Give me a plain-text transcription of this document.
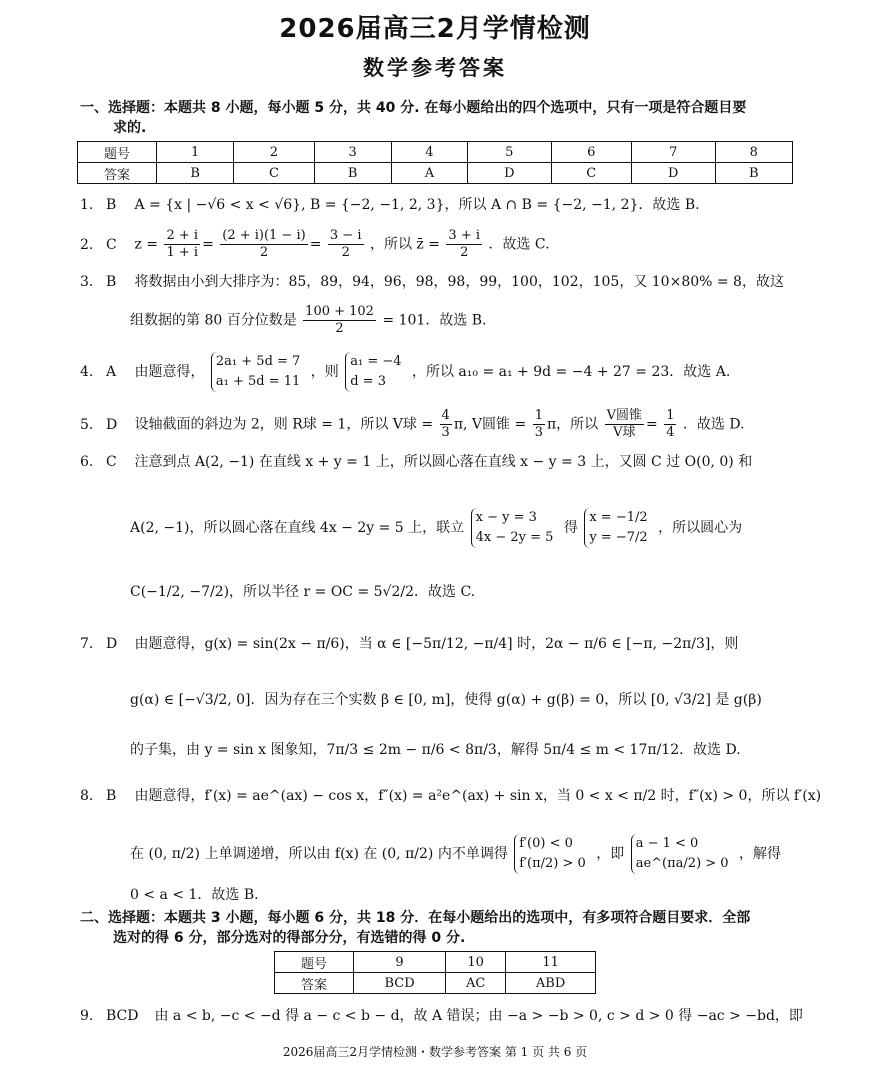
2026届高三2月学情检测
数学参考答案
一、选择题：本题共 8 小题，每小题 5 分，共 40 分. 在每小题给出的四个选项中，只有一项是符合题目要
求的.
题号	1	2	3	4	5	6	7	8
答案	B	C	B	A	D	C	D	B
1. B A = {x | −√6 < x < √6}, B = {−2, −1, 2, 3}，所以 A ∩ B = {−2, −1, 2}．故选 B.
2. C $z = \frac{2 + i}{1 + i} = \frac{(2 + i)(1 - i)}{2} = \frac{3 - i}{2}$ ，所以 z̄ = $\frac{3 + i}{2}$ ．故选 C.
3. B 将数据由小到大排序为：85，89，94，96，98，98，99，100，102，105，又 10×80% = 8，故这
组数据的第 80 百分位数是 $\frac{100 + 102}{2} = 101$．故选 B.
4. A 由题意得，
2a₁ + 5d = 7
a₁ + 5d = 11
，则
a₁ = −4
d = 3
，所以 a₁₀ = a₁ + 9d = −4 + 27 = 23．故选 A.
5. D 设轴截面的斜边为 2，则 R球 = 1，所以 V球 = $\frac{4}{3} \pi$, V圆锥 = $\frac{1}{3}$ π，所以 $\frac{\text{V圆锥}}{\text{V球}} = \frac{1}{4}$ ．故选 D.
6. C 注意到点 A(2, −1) 在直线 x + y = 1 上，所以圆心落在直线 x − y = 3 上，又圆 C 过 O(0, 0) 和
A(2, −1)，所以圆心落在直线 4x − 2y = 5 上，联立
x − y = 3
4x − 2y = 5
得
x = −1/2
y = −7/2
，所以圆心为
C(−1/2, −7/2)，所以半径 r = OC = 5√2/2．故选 C.
7. D 由题意得，g(x) = sin(2x − π/6)，当 α ∈ [−5π/12, −π/4] 时，2α − π/6 ∈ [−π, −2π/3]，则
g(α) ∈ [−√3/2, 0]．因为存在三个实数 β ∈ [0, m]，使得 g(α) + g(β) = 0，所以 [0, √3/2] 是 g(β)
的子集，由 y = sin x 图象知，7π/3 ≤ 2m − π/6 < 8π/3，解得 5π/4 ≤ m < 17π/12．故选 D.
8. B 由题意得，f′(x) = ae^(ax) − cos x，f″(x) = a²e^(ax) + sin x，当 0 < x < π/2 时，f″(x) > 0，所以 f′(x)
在 (0, π/2) 上单调递增，所以由 f(x) 在 (0, π/2) 内不单调得
f′(0) < 0
f′(π/2) > 0
，即
a − 1 < 0
ae^(πa/2) > 0
，解得
0 < a < 1．故选 B.
二、选择题：本题共 3 小题，每小题 6 分，共 18 分．在每小题给出的选项中，有多项符合题目要求．全部
选对的得 6 分，部分选对的得部分分，有选错的得 0 分.
题号	9	10	11
答案	BCD	AC	ABD
9. BCD 由 a < b, −c < −d 得 a − c < b − d，故 A 错误；由 −a > −b > 0, c > d > 0 得 −ac > −bd，即
2026届高三2月学情检测・数学参考答案 第 1 页 共 6 页
